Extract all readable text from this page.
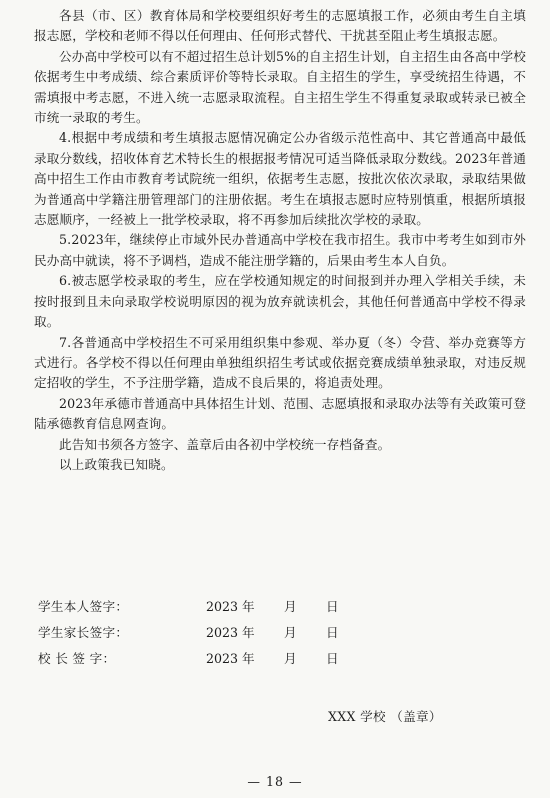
各县（市、区）教育体局和学校要组织好考生的志愿填报工作，必须由考生自主填报志愿，学校和老师不得以任何理由、任何形式替代、干扰甚至阻止考生填报志愿。

公办高中学校可以有不超过招生总计划5%的自主招生计划，自主招生由各高中学校依据考生中考成绩、综合素质评价等特长录取。自主招生的学生，享受统招生待遇，不需填报中考志愿，不进入统一志愿录取流程。自主招生学生不得重复录取或转录已被全市统一录取的考生。

4.根据中考成绩和考生填报志愿情况确定公办省级示范性高中、其它普通高中最低录取分数线，招收体育艺术特长生的根据报考情况可适当降低录取分数线。2023年普通高中招生工作由市教育考试院统一组织，依据考生志愿，按批次依次录取，录取结果做为普通高中学籍注册管理部门的注册依据。考生在填报志愿时应特别慎重，根据所填报志愿顺序，一经被上一批学校录取，将不再参加后续批次学校的录取。

5.2023年，继续停止市域外民办普通高中学校在我市招生。我市中考考生如到市外民办高中就读，将不予调档，造成不能注册学籍的，后果由考生本人自负。

6.被志愿学校录取的考生，应在学校通知规定的时间报到并办理入学相关手续，未按时报到且未向录取学校说明原因的视为放弃就读机会，其他任何普通高中学校不得录取。

7.各普通高中学校招生不可采用组织集中参观、举办夏（冬）令营、举办竞赛等方式进行。各学校不得以任何理由单独组织招生考试或依据竞赛成绩单独录取，对违反规定招收的学生，不予注册学籍，造成不良后果的，将追责处理。

2023年承德市普通高中具体招生计划、范围、志愿填报和录取办法等有关政策可登陆承德教育信息网查询。

此告知书须各方签字、盖章后由各初中学校统一存档备查。

以上政策我已知晓。

学生本人签字：	2023 年 月 日
学生家长签字：	2023 年 月 日
校 长 签 字：	2023 年 月 日
XXX 学校 （盖章）
— 18 —
